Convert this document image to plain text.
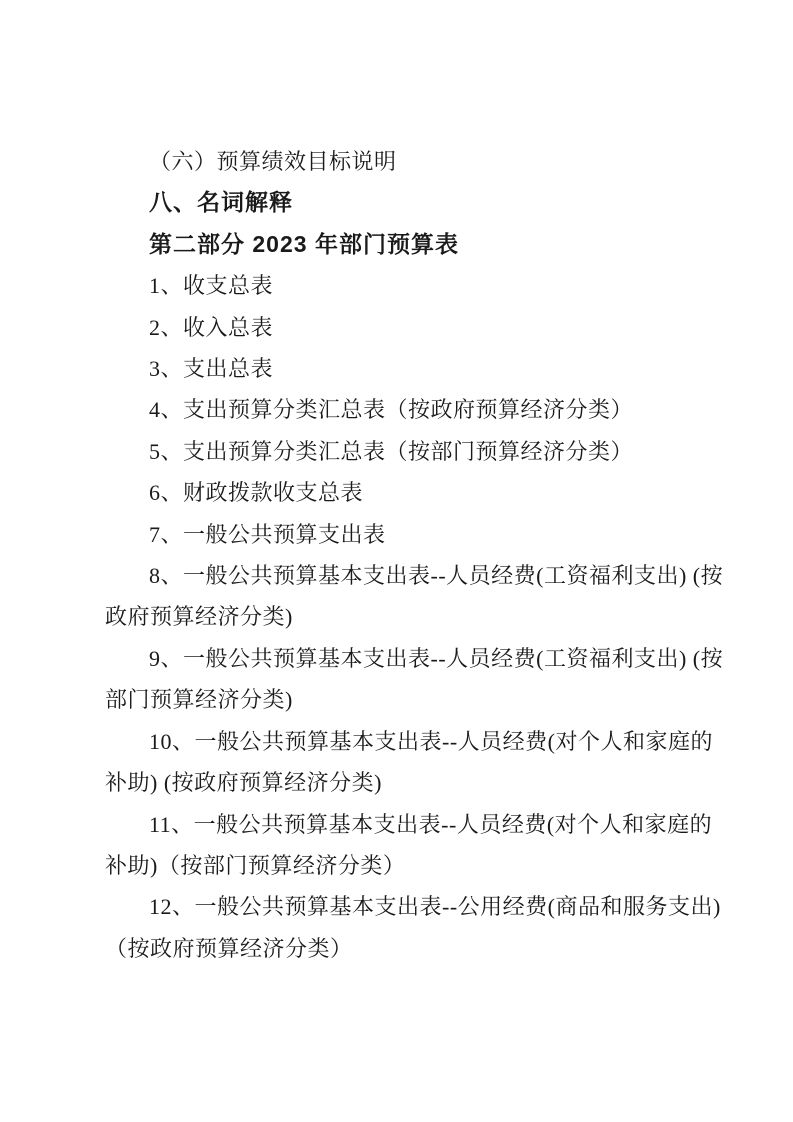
（六）预算绩效目标说明
八、名词解释
第二部分 2023 年部门预算表
1、收支总表
2、收入总表
3、支出总表
4、支出预算分类汇总表（按政府预算经济分类）
5、支出预算分类汇总表（按部门预算经济分类）
6、财政拨款收支总表
7、一般公共预算支出表
8、一般公共预算基本支出表--人员经费(工资福利支出) (按
政府预算经济分类)
9、一般公共预算基本支出表--人员经费(工资福利支出) (按
部门预算经济分类)
10、一般公共预算基本支出表--人员经费(对个人和家庭的
补助) (按政府预算经济分类)
11、一般公共预算基本支出表--人员经费(对个人和家庭的
补助)（按部门预算经济分类）
12、一般公共预算基本支出表--公用经费(商品和服务支出)
（按政府预算经济分类）
